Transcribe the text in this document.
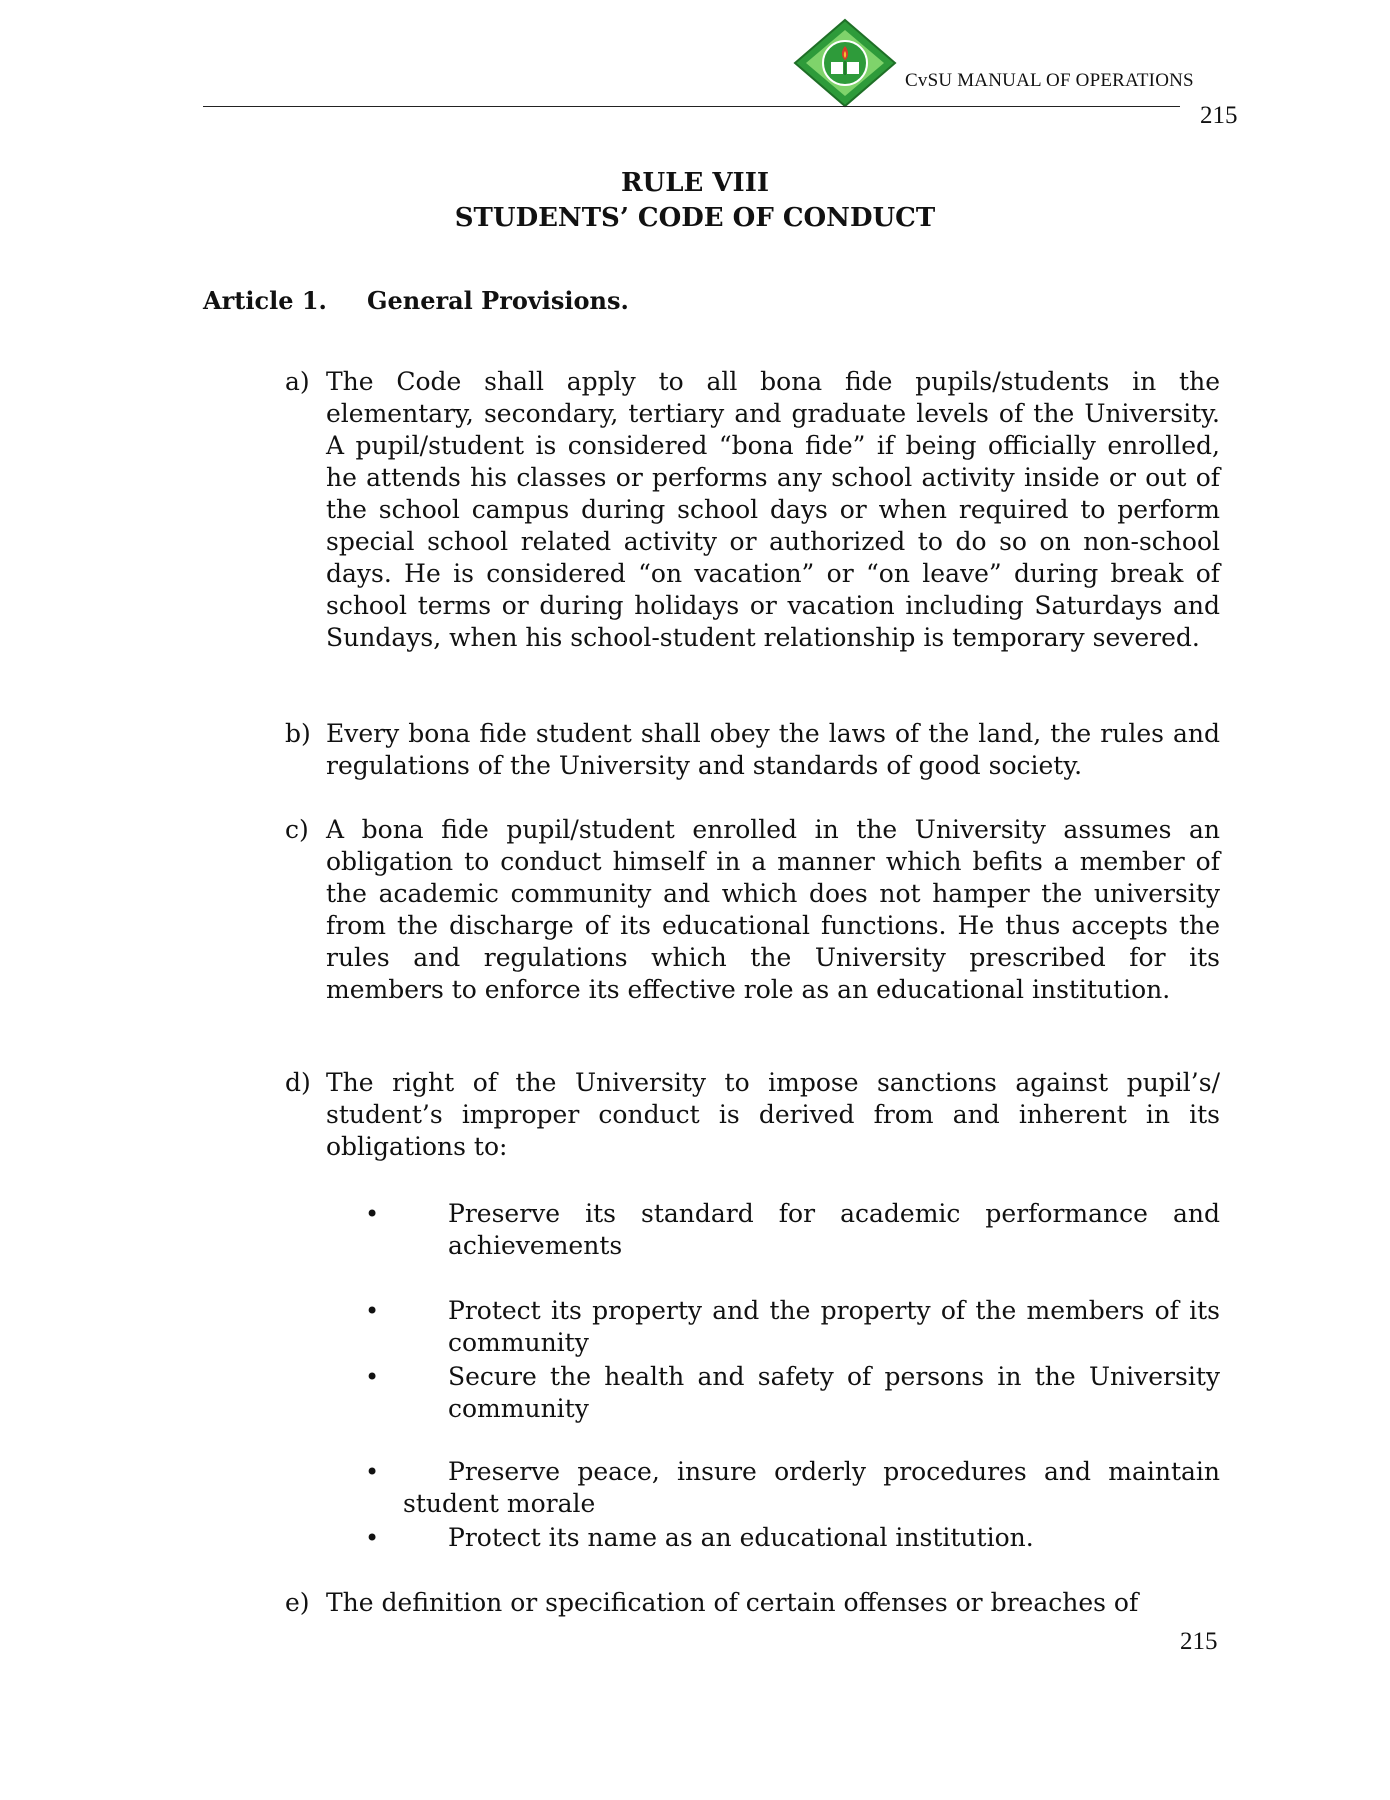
CvSU MANUAL OF OPERATIONS
215
RULE VIII
STUDENTS’ CODE OF CONDUCT
Article 1. General Provisions.
a) The Code shall apply to all bona fide pupils/students in the elementary, secondary, tertiary and graduate levels of the University. A pupil/student is considered “bona fide” if being officially enrolled, he attends his classes or performs any school activity inside or out of the school campus during school days or when required to perform special school related activity or authorized to do so on non-school days. He is considered “on vacation” or “on leave” during break of school terms or during holidays or vacation including Saturdays and Sundays, when his school-student relationship is temporary severed.
b) Every bona fide student shall obey the laws of the land, the rules and regulations of the University and standards of good society.
c) A bona fide pupil/student enrolled in the University assumes an obligation to conduct himself in a manner which befits a member of the academic community and which does not hamper the university from the discharge of its educational functions. He thus accepts the rules and regulations which the University prescribed for its members to enforce its effective role as an educational institution.
d) The right of the University to impose sanctions against pupil’s/ student’s improper conduct is derived from and inherent in its obligations to:
•	Preserve its standard for academic performance and achievements
•	Protect its property and the property of the members of its community
•	Secure the health and safety of persons in the University community
•	Preserve peace, insure orderly procedures and maintain student morale
•	Protect its name as an educational institution.
e) The definition or specification of certain offenses or breaches of
215
